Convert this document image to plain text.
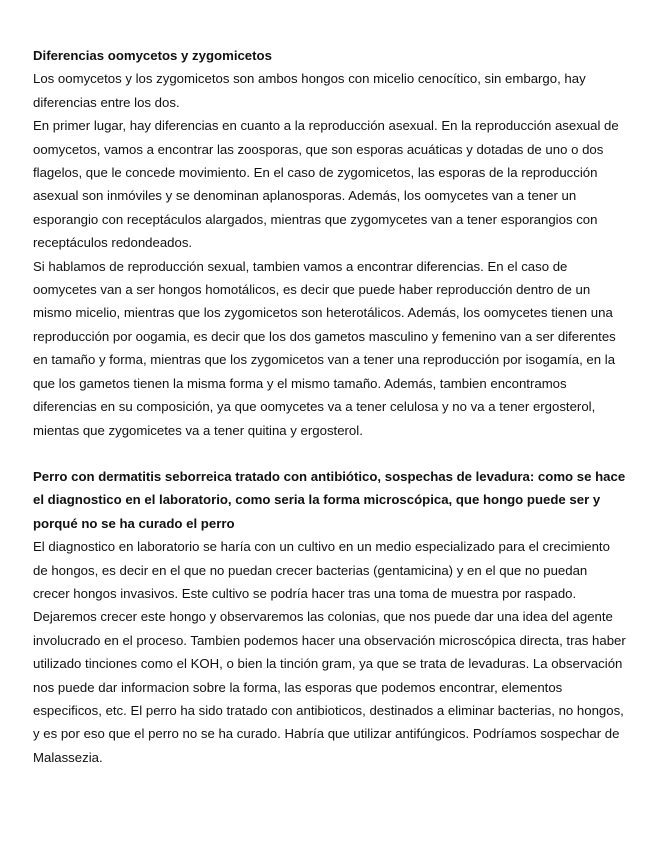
Diferencias oomycetos y zygomicetos

Los oomycetos y los zygomicetos son ambos hongos con micelio cenocítico, sin embargo, hay diferencias entre los dos.

En primer lugar, hay diferencias en cuanto a la reproducción asexual. En la reproducción asexual de oomycetos, vamos a encontrar las zoosporas, que son esporas acuáticas y dotadas de uno o dos flagelos, que le concede movimiento. En el caso de zygomicetos, las esporas de la reproducción asexual son inmóviles y se denominan aplanosporas. Además, los oomycetes van a tener un esporangio con receptáculos alargados, mientras que zygomycetes van a tener esporangios con receptáculos redondeados.

Si hablamos de reproducción sexual, tambien vamos a encontrar diferencias. En el caso de oomycetes van a ser hongos homotálicos, es decir que puede haber reproducción dentro de un mismo micelio, mientras que los zygomicetos son heterotálicos. Además, los oomycetes tienen una reproducción por oogamia, es decir que los dos gametos masculino y femenino van a ser diferentes en tamaño y forma, mientras que los zygomicetos van a tener una reproducción por isogamía, en la que los gametos tienen la misma forma y el mismo tamaño. Además, tambien encontramos diferencias en su composición, ya que oomycetes va a tener celulosa y no va a tener ergosterol, mientas que zygomicetes va a tener quitina y ergosterol.

Perro con dermatitis seborreica tratado con antibiótico, sospechas de levadura: como se hace el diagnostico en el laboratorio, como seria la forma microscópica, que hongo puede ser y porqué no se ha curado el perro

El diagnostico en laboratorio se haría con un cultivo en un medio especializado para el crecimiento de hongos, es decir en el que no puedan crecer bacterias (gentamicina) y en el que no puedan crecer hongos invasivos. Este cultivo se podría hacer tras una toma de muestra por raspado. Dejaremos crecer este hongo y observaremos las colonias, que nos puede dar una idea del agente involucrado en el proceso. Tambien podemos hacer una observación microscópica directa, tras haber utilizado tinciones como el KOH, o bien la tinción gram, ya que se trata de levaduras. La observación nos puede dar informacion sobre la forma, las esporas que podemos encontrar, elementos especificos, etc. El perro ha sido tratado con antibioticos, destinados a eliminar bacterias, no hongos, y es por eso que el perro no se ha curado. Habría que utilizar antifúngicos. Podríamos sospechar de Malassezia.
